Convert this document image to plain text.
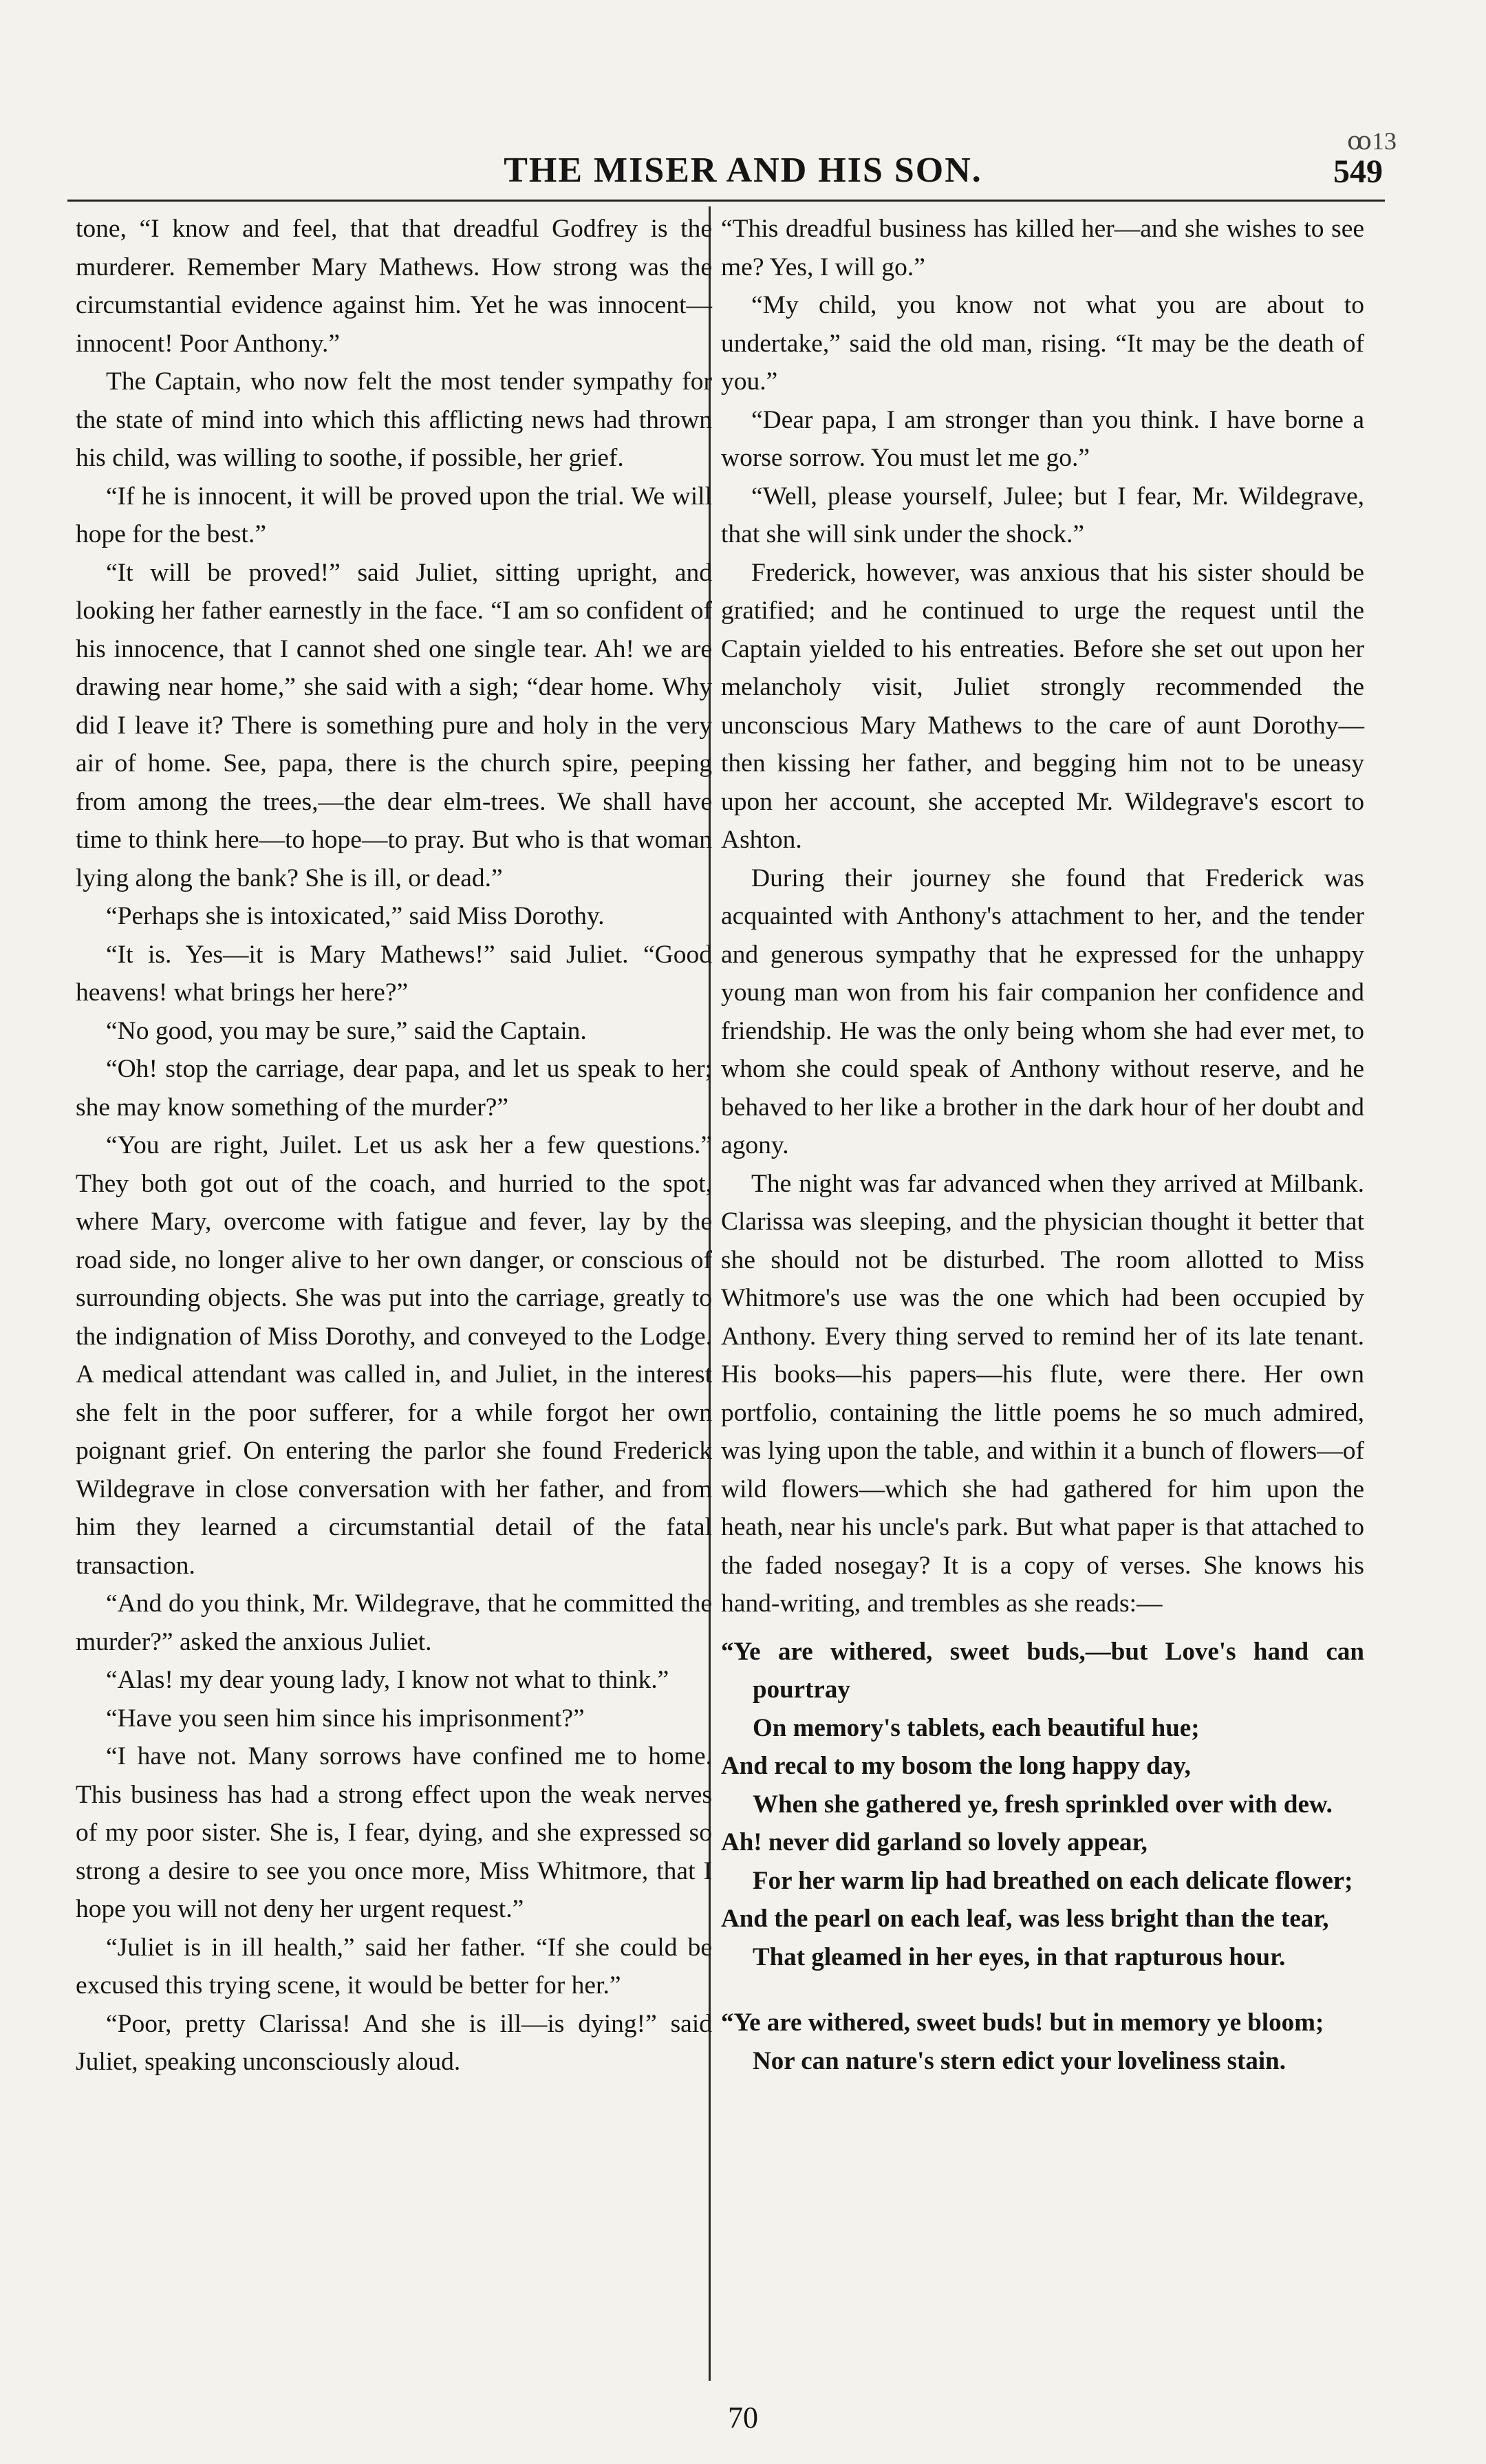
ꝏ13
THE MISER AND HIS SON.	549

tone, “I know and feel, that that dreadful Godfrey is the murderer. Remember Mary Mathews. How strong was the circumstantial evidence against him. Yet he was innocent—innocent! Poor Anthony.”

The Captain, who now felt the most tender sympathy for the state of mind into which this afflicting news had thrown his child, was willing to soothe, if possible, her grief.

“If he is innocent, it will be proved upon the trial. We will hope for the best.”

“It will be proved!” said Juliet, sitting upright, and looking her father earnestly in the face. “I am so confident of his innocence, that I cannot shed one single tear. Ah! we are drawing near home,” she said with a sigh; “dear home. Why did I leave it? There is something pure and holy in the very air of home. See, papa, there is the church spire, peeping from among the trees,—the dear elm-trees. We shall have time to think here—to hope—to pray. But who is that woman lying along the bank? She is ill, or dead.”

“Perhaps she is intoxicated,” said Miss Dorothy.

“It is. Yes—it is Mary Mathews!” said Juliet. “Good heavens! what brings her here?”

“No good, you may be sure,” said the Captain.

“Oh! stop the carriage, dear papa, and let us speak to her; she may know something of the murder?”

“You are right, Juilet. Let us ask her a few questions.” They both got out of the coach, and hurried to the spot, where Mary, overcome with fatigue and fever, lay by the road side, no longer alive to her own danger, or conscious of surrounding objects. She was put into the carriage, greatly to the indignation of Miss Dorothy, and conveyed to the Lodge. A medical attendant was called in, and Juliet, in the interest she felt in the poor sufferer, for a while forgot her own poignant grief. On entering the parlor she found Frederick Wildegrave in close conversation with her father, and from him they learned a circumstantial detail of the fatal transaction.

“And do you think, Mr. Wildegrave, that he committed the murder?” asked the anxious Juliet.

“Alas! my dear young lady, I know not what to think.”

“Have you seen him since his imprisonment?”

“I have not. Many sorrows have confined me to home. This business has had a strong effect upon the weak nerves of my poor sister. She is, I fear, dying, and she expressed so strong a desire to see you once more, Miss Whitmore, that I hope you will not deny her urgent request.”

“Juliet is in ill health,” said her father. “If she could be excused this trying scene, it would be better for her.”

“Poor, pretty Clarissa! And she is ill—is dying!” said Juliet, speaking unconsciously aloud.

“This dreadful business has killed her—and she wishes to see me? Yes, I will go.”

“My child, you know not what you are about to undertake,” said the old man, rising. “It may be the death of you.”

“Dear papa, I am stronger than you think. I have borne a worse sorrow. You must let me go.”

“Well, please yourself, Julee; but I fear, Mr. Wildegrave, that she will sink under the shock.”

Frederick, however, was anxious that his sister should be gratified; and he continued to urge the request until the Captain yielded to his entreaties. Before she set out upon her melancholy visit, Juliet strongly recommended the unconscious Mary Mathews to the care of aunt Dorothy—then kissing her father, and begging him not to be uneasy upon her account, she accepted Mr. Wildegrave's escort to Ashton.

During their journey she found that Frederick was acquainted with Anthony's attachment to her, and the tender and generous sympathy that he expressed for the unhappy young man won from his fair companion her confidence and friendship. He was the only being whom she had ever met, to whom she could speak of Anthony without reserve, and he behaved to her like a brother in the dark hour of her doubt and agony.

The night was far advanced when they arrived at Milbank. Clarissa was sleeping, and the physician thought it better that she should not be disturbed. The room allotted to Miss Whitmore's use was the one which had been occupied by Anthony. Every thing served to remind her of its late tenant. His books—his papers—his flute, were there. Her own portfolio, containing the little poems he so much admired, was lying upon the table, and within it a bunch of flowers—of wild flowers—which she had gathered for him upon the heath, near his uncle's park. But what paper is that attached to the faded nosegay? It is a copy of verses. She knows his hand-writing, and trembles as she reads:—

“Ye are withered, sweet buds,—but Love's hand can pourtray
On memory's tablets, each beautiful hue;
And recal to my bosom the long happy day,
When she gathered ye, fresh sprinkled over with dew.
Ah! never did garland so lovely appear,
For her warm lip had breathed on each delicate flower;
And the pearl on each leaf, was less bright than the tear,
That gleamed in her eyes, in that rapturous hour.
“Ye are withered, sweet buds! but in memory ye bloom;
Nor can nature's stern edict your loveliness stain.
70
